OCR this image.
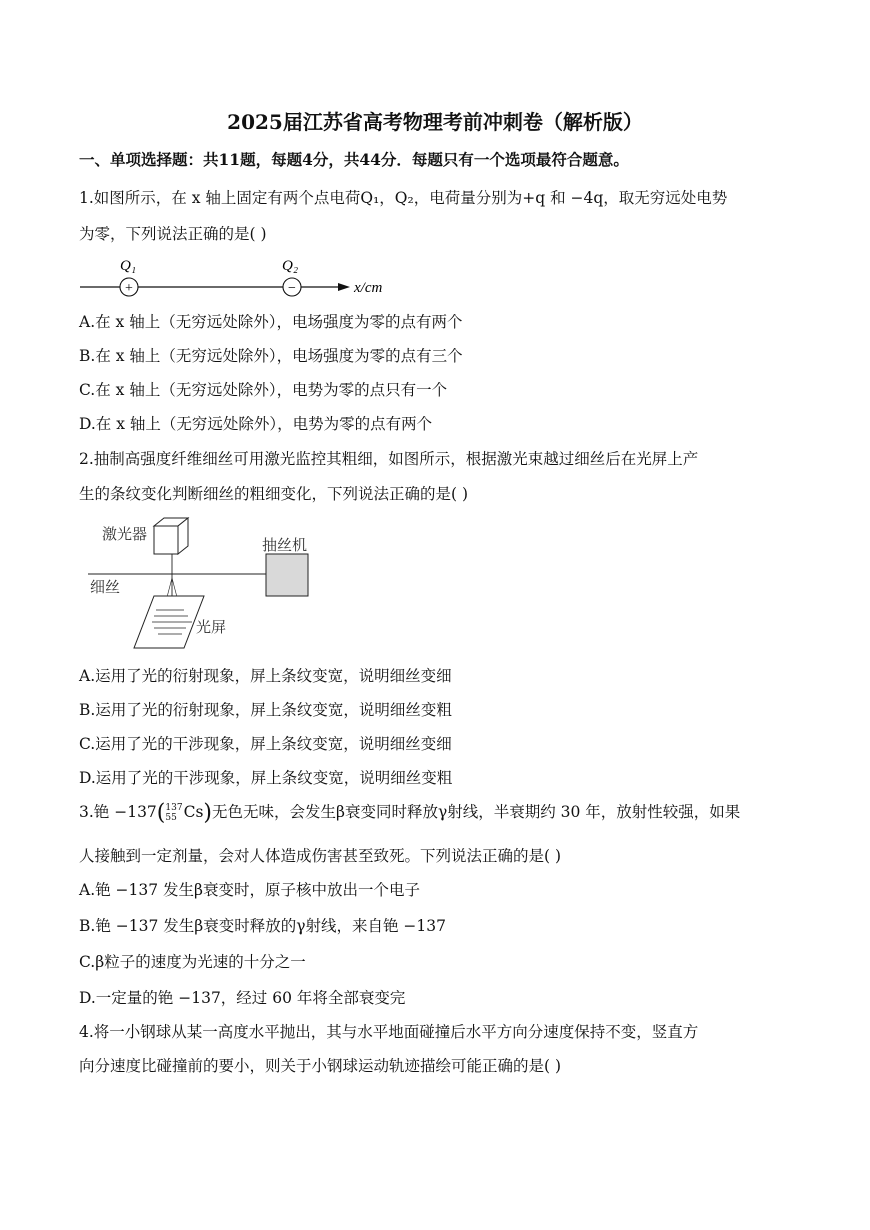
2025届江苏省高考物理考前冲刺卷（解析版）
一、单项选择题：共11题，每题4分，共44分．每题只有一个选项最符合题意。
1.如图所示，在 x 轴上固定有两个点电荷Q₁，Q₂，电荷量分别为+q 和 −4q，取无穷远处电势
为零，下列说法正确的是( )
+	−
Q₁	Q₂
x/cm
A.在 x 轴上（无穷远处除外），电场强度为零的点有两个
B.在 x 轴上（无穷远处除外），电场强度为零的点有三个
C.在 x 轴上（无穷远处除外），电势为零的点只有一个
D.在 x 轴上（无穷远处除外），电势为零的点有两个
2.抽制高强度纤维细丝可用激光监控其粗细，如图所示，根据激光束越过细丝后在光屏上产
生的条纹变化判断细丝的粗细变化，下列说法正确的是( )
激光器
抽丝机
细丝
光屏
A.运用了光的衍射现象，屏上条纹变宽，说明细丝变细
B.运用了光的衍射现象，屏上条纹变宽，说明细丝变粗
C.运用了光的干涉现象，屏上条纹变宽，说明细丝变细
D.运用了光的干涉现象，屏上条纹变宽，说明细丝变粗
3.铯 −137( 137
55 Cs)无色无味，会发生β衰变同时释放γ射线，半衰期约 30 年，放射性较强，如果
人接触到一定剂量，会对人体造成伤害甚至致死。下列说法正确的是( )
A.铯 −137 发生β衰变时，原子核中放出一个电子
B.铯 −137 发生β衰变时释放的γ射线，来自铯 −137
C.β粒子的速度为光速的十分之一
D.一定量的铯 −137，经过 60 年将全部衰变完
4.将一小钢球从某一高度水平抛出，其与水平地面碰撞后水平方向分速度保持不变，竖直方
向分速度比碰撞前的要小，则关于小钢球运动轨迹描绘可能正确的是( )
